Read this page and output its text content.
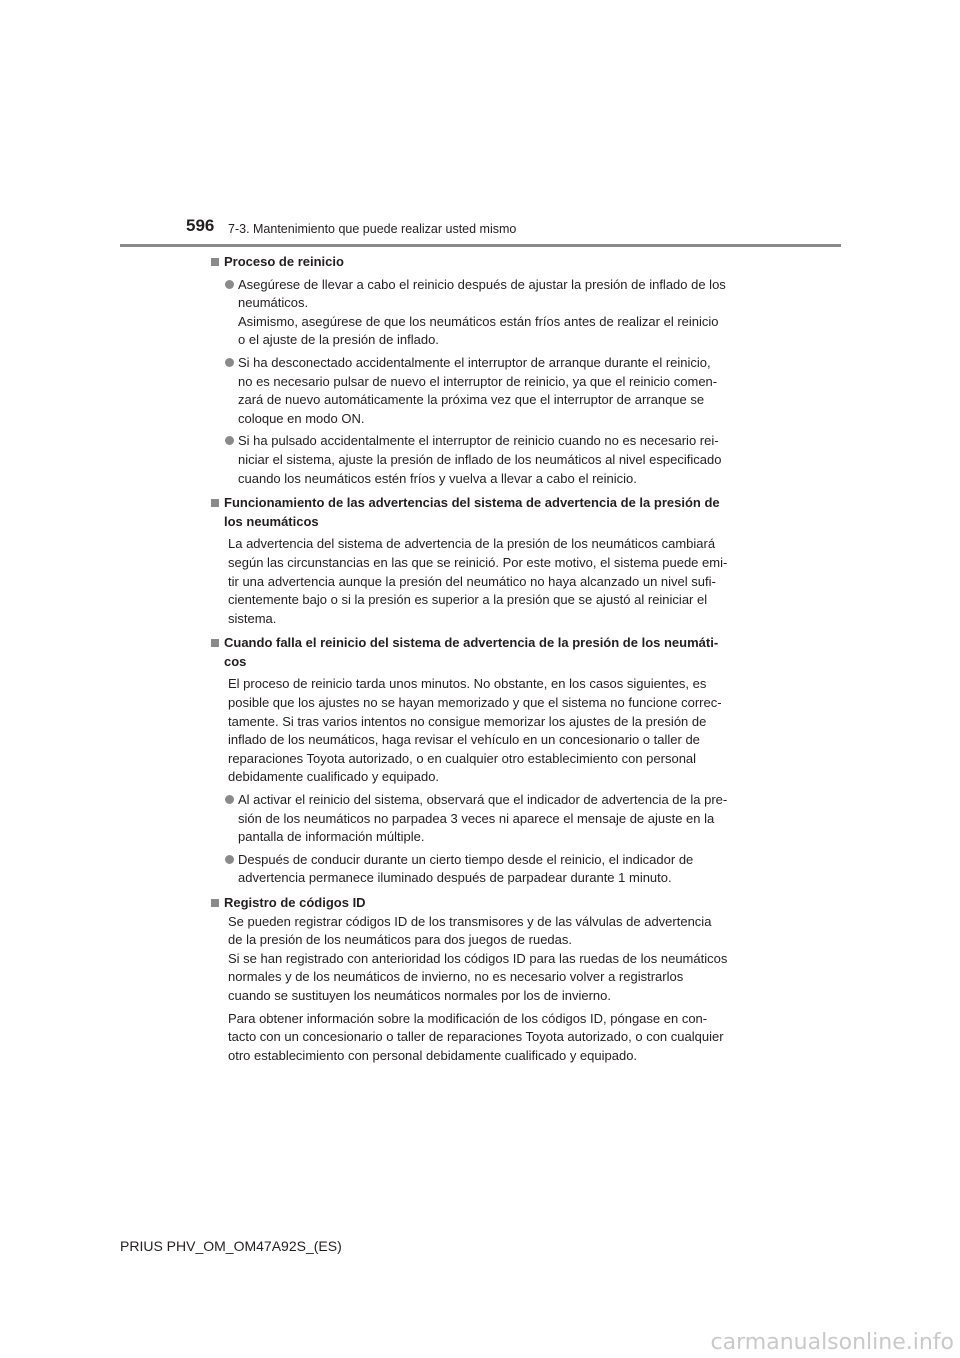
596 7-3. Mantenimiento que puede realizar usted mismo
Proceso de reinicio
Asegúrese de llevar a cabo el reinicio después de ajustar la presión de inflado de los
neumáticos.
Asimismo, asegúrese de que los neumáticos están fríos antes de realizar el reinicio
o el ajuste de la presión de inflado.
Si ha desconectado accidentalmente el interruptor de arranque durante el reinicio,
no es necesario pulsar de nuevo el interruptor de reinicio, ya que el reinicio comen-
zará de nuevo automáticamente la próxima vez que el interruptor de arranque se
coloque en modo ON.
Si ha pulsado accidentalmente el interruptor de reinicio cuando no es necesario rei-
niciar el sistema, ajuste la presión de inflado de los neumáticos al nivel especificado
cuando los neumáticos estén fríos y vuelva a llevar a cabo el reinicio.
Funcionamiento de las advertencias del sistema de advertencia de la presión de
los neumáticos
La advertencia del sistema de advertencia de la presión de los neumáticos cambiará
según las circunstancias en las que se reinició. Por este motivo, el sistema puede emi-
tir una advertencia aunque la presión del neumático no haya alcanzado un nivel sufi-
cientemente bajo o si la presión es superior a la presión que se ajustó al reiniciar el
sistema.
Cuando falla el reinicio del sistema de advertencia de la presión de los neumáti-
cos
El proceso de reinicio tarda unos minutos. No obstante, en los casos siguientes, es
posible que los ajustes no se hayan memorizado y que el sistema no funcione correc-
tamente. Si tras varios intentos no consigue memorizar los ajustes de la presión de
inflado de los neumáticos, haga revisar el vehículo en un concesionario o taller de
reparaciones Toyota autorizado, o en cualquier otro establecimiento con personal
debidamente cualificado y equipado.
Al activar el reinicio del sistema, observará que el indicador de advertencia de la pre-
sión de los neumáticos no parpadea 3 veces ni aparece el mensaje de ajuste en la
pantalla de información múltiple.
Después de conducir durante un cierto tiempo desde el reinicio, el indicador de
advertencia permanece iluminado después de parpadear durante 1 minuto.
Registro de códigos ID
Se pueden registrar códigos ID de los transmisores y de las válvulas de advertencia
de la presión de los neumáticos para dos juegos de ruedas.
Si se han registrado con anterioridad los códigos ID para las ruedas de los neumáticos
normales y de los neumáticos de invierno, no es necesario volver a registrarlos
cuando se sustituyen los neumáticos normales por los de invierno.
Para obtener información sobre la modificación de los códigos ID, póngase en con-
tacto con un concesionario o taller de reparaciones Toyota autorizado, o con cualquier
otro establecimiento con personal debidamente cualificado y equipado.
PRIUS PHV_OM_OM47A92S_(ES)
carmanualsonline.info
